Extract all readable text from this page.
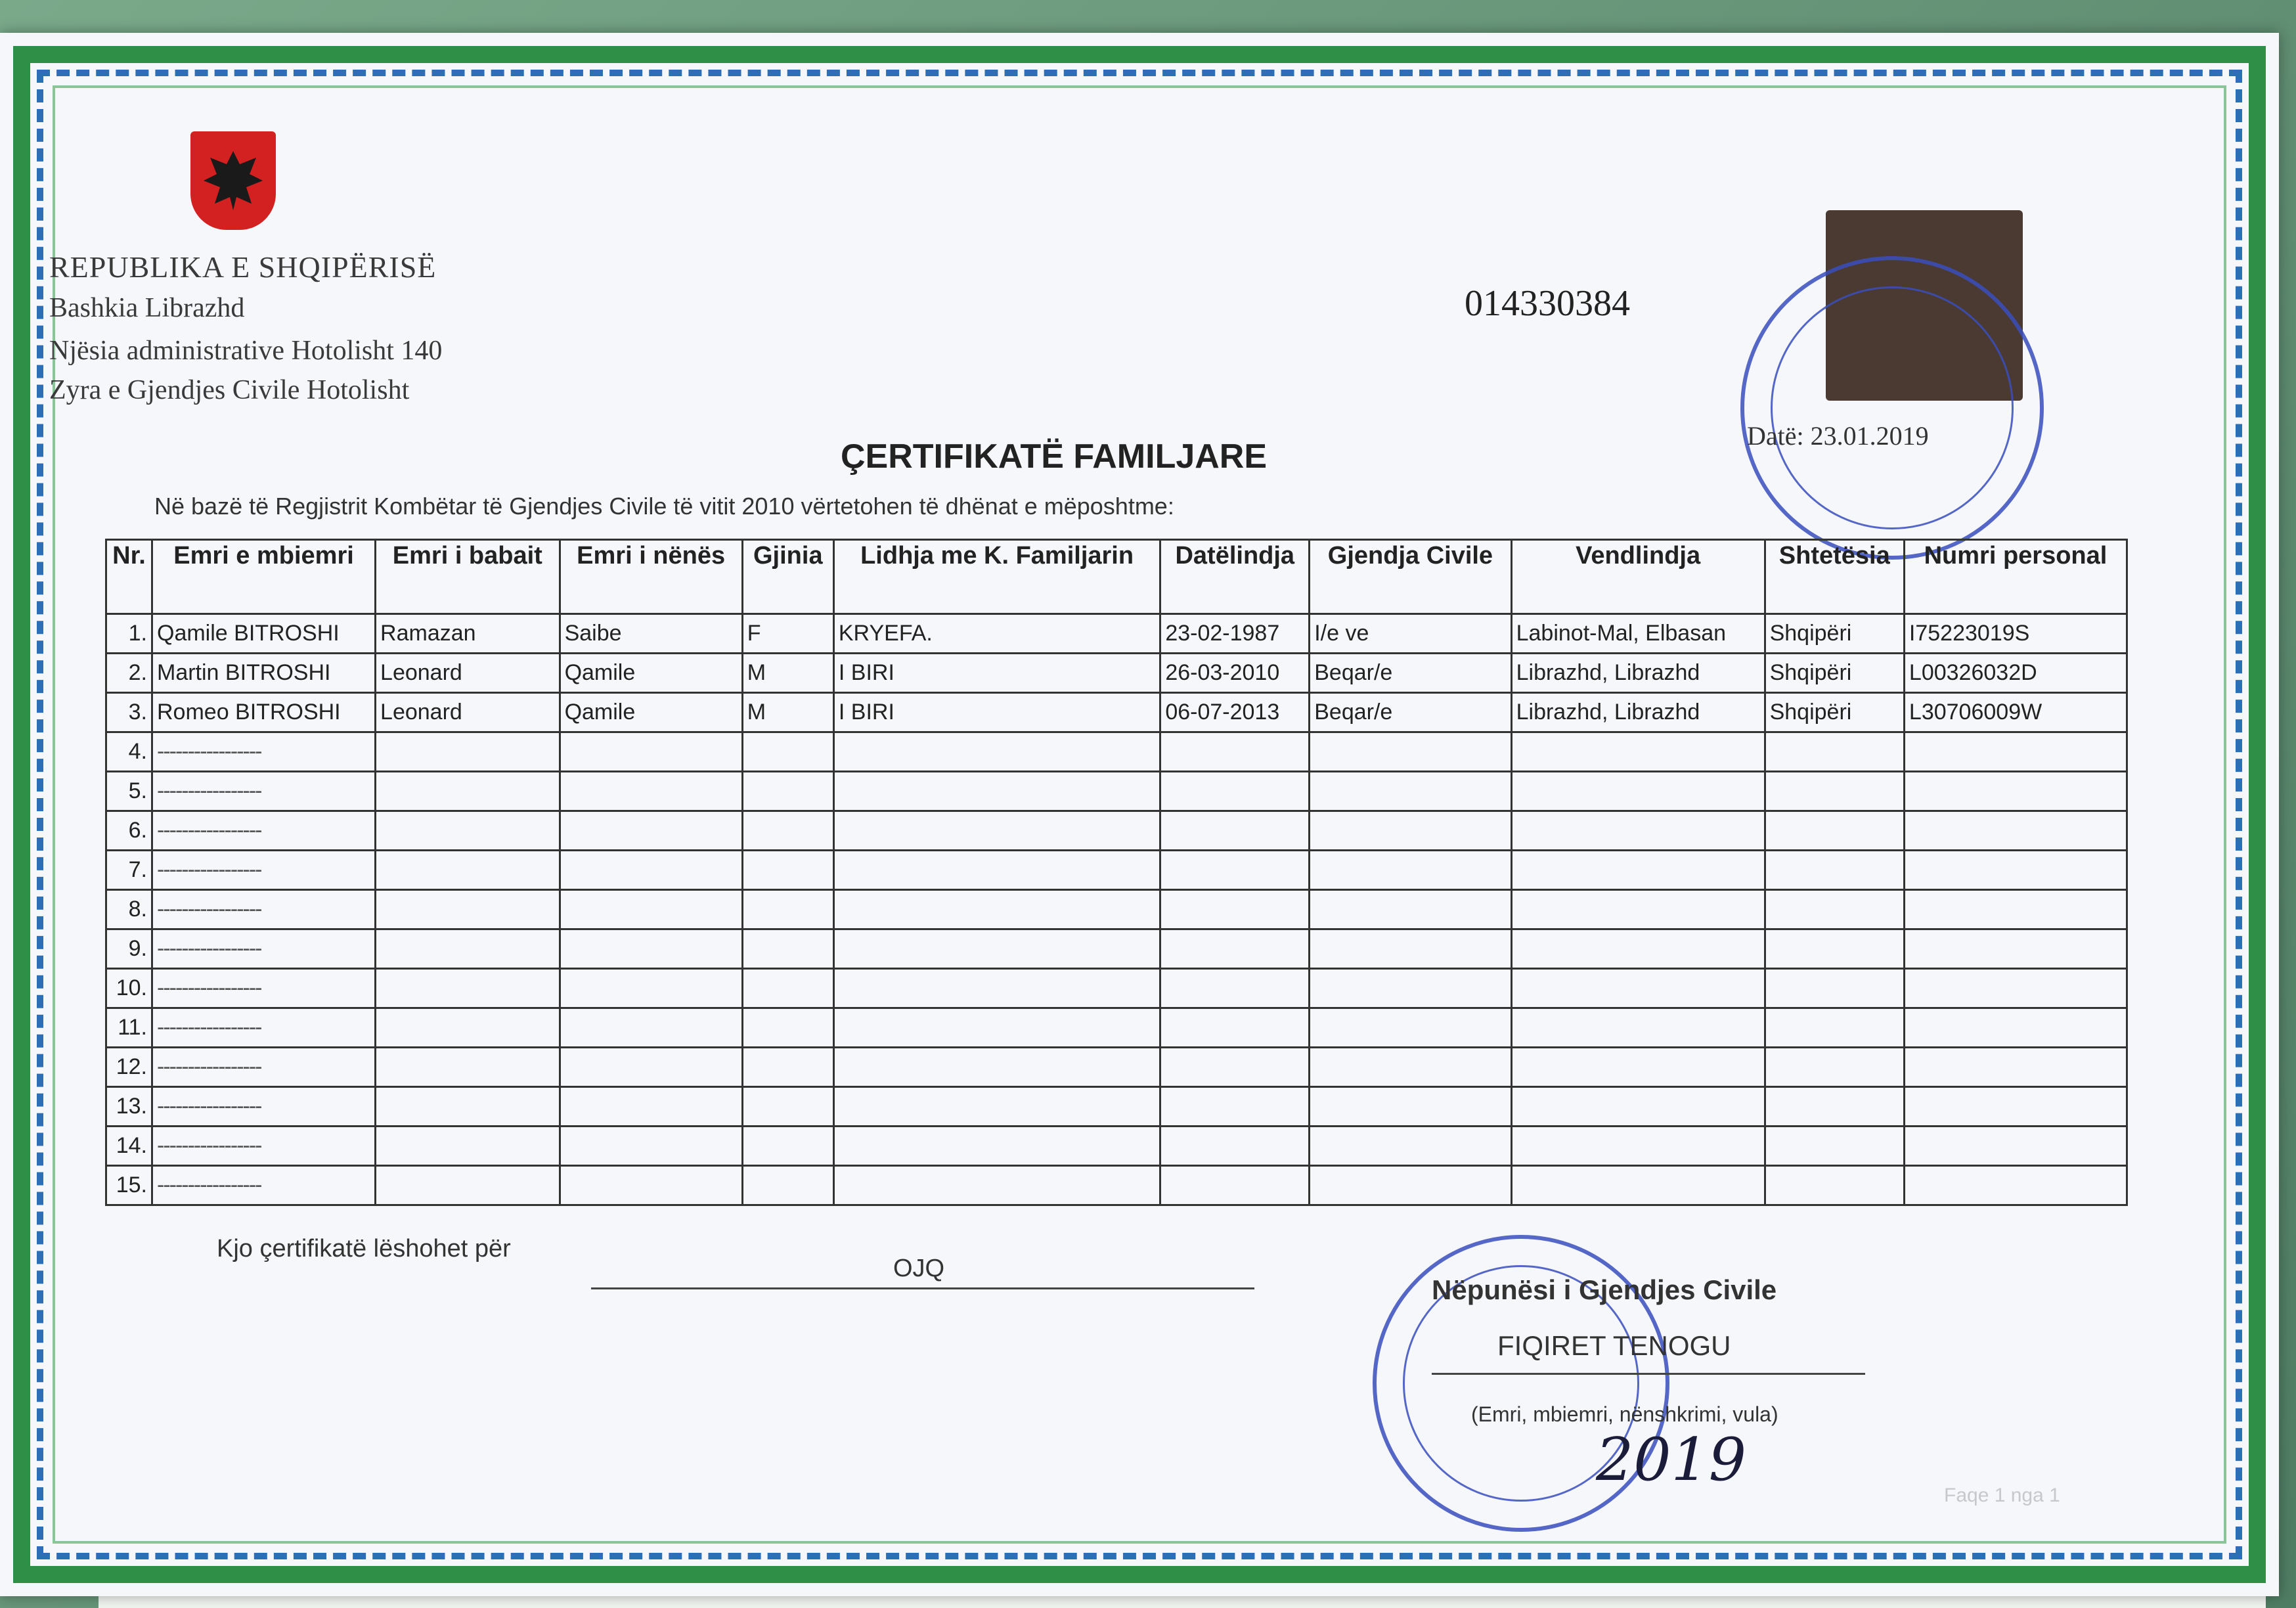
REPUBLIKA E SHQIPËRISË
Bashkia Librazhd
Njësia administrative Hotolisht 140
Zyra e Gjendjes Civile Hotolisht
014330384
Datë: 23.01.2019
ÇERTIFIKATË FAMILJARE
Në bazë të Regjistrit Kombëtar të Gjendjes Civile të vitit 2010 vërtetohen të dhënat e mëposhtme:
Nr.	Emri e mbiemri	Emri i babait	Emri i nënës	Gjinia	Lidhja me K. Familjarin	Datëlindja	Gjendja Civile	Vendlindja	Shtetësia	Numri personal
1.	Qamile BITROSHI	Ramazan	Saibe	F	KRYEFA.	23-02-1987	I/e ve	Labinot-Mal, Elbasan	Shqipëri	I75223019S
2.	Martin BITROSHI	Leonard	Qamile	M	I BIRI	26-03-2010	Beqar/e	Librazhd, Librazhd	Shqipëri	L00326032D
3.	Romeo BITROSHI	Leonard	Qamile	M	I BIRI	06-07-2013	Beqar/e	Librazhd, Librazhd	Shqipëri	L30706009W
4.	-----------------									
5.	-----------------									
6.	-----------------									
7.	-----------------									
8.	-----------------									
9.	-----------------									
10.	-----------------									
11.	-----------------									
12.	-----------------									
13.	-----------------									
14.	-----------------									
15.	-----------------									
Kjo çertifikatë lëshohet për
OJQ
Nëpunësi i Gjendjes Civile
FIQIRET TENOGU
(Emri, mbiemri, nënshkrimi, vula)
2019
Faqe 1 nga 1
